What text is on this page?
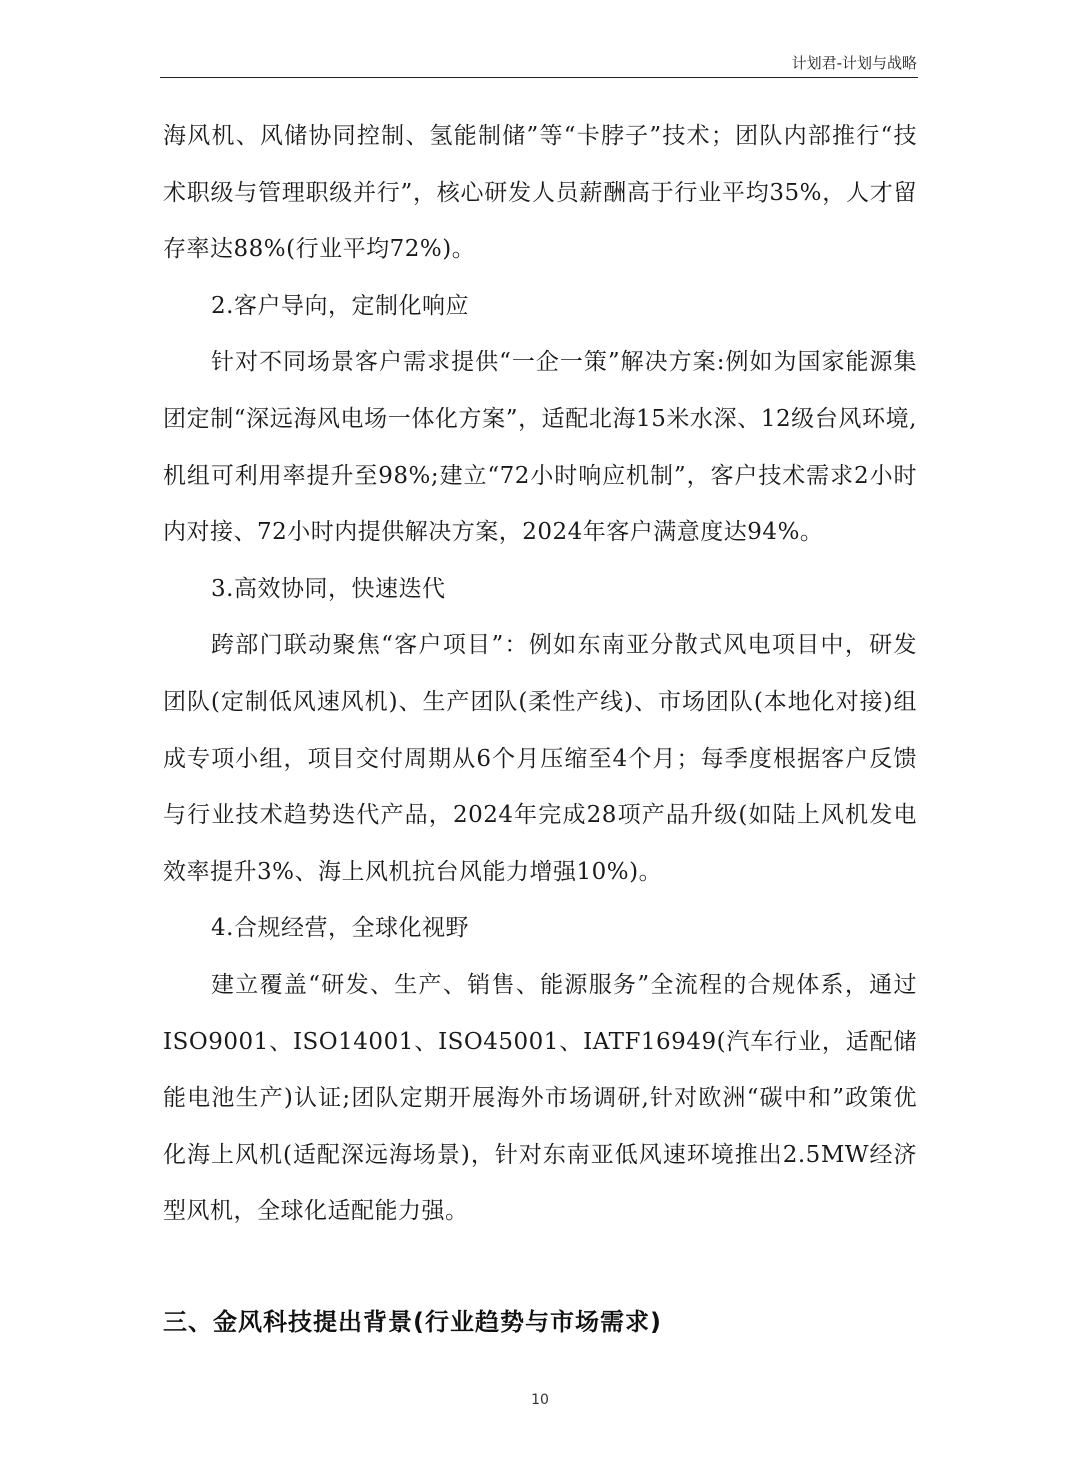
计划君-计划与战略

海风机、风储协同控制、氢能制储”等“卡脖子”技术；团队内部推行“技术职级与管理职级并行”，核心研发人员薪酬高于行业平均35%，人才留存率达88%(行业平均72%)。

2.客户导向，定制化响应

针对不同场景客户需求提供“一企一策”解决方案:例如为国家能源集团定制“深远海风电场一体化方案”，适配北海15米水深、12级台风环境,机组可利用率提升至98%;建立“72小时响应机制”，客户技术需求2小时内对接、72小时内提供解决方案，2024年客户满意度达94%。

3.高效协同，快速迭代

跨部门联动聚焦“客户项目”：例如东南亚分散式风电项目中，研发团队(定制低风速风机)、生产团队(柔性产线)、市场团队(本地化对接)组成专项小组，项目交付周期从6个月压缩至4个月；每季度根据客户反馈与行业技术趋势迭代产品，2024年完成28项产品升级(如陆上风机发电效率提升3%、海上风机抗台风能力增强10%)。

4.合规经营，全球化视野

建立覆盖“研发、生产、销售、能源服务”全流程的合规体系，通过ISO9001、ISO14001、ISO45001、IATF16949(汽车行业，适配储能电池生产)认证;团队定期开展海外市场调研,针对欧洲“碳中和”政策优化海上风机(适配深远海场景)，针对东南亚低风速环境推出2.5MW经济型风机，全球化适配能力强。

三、金风科技提出背景(行业趋势与市场需求)
10
